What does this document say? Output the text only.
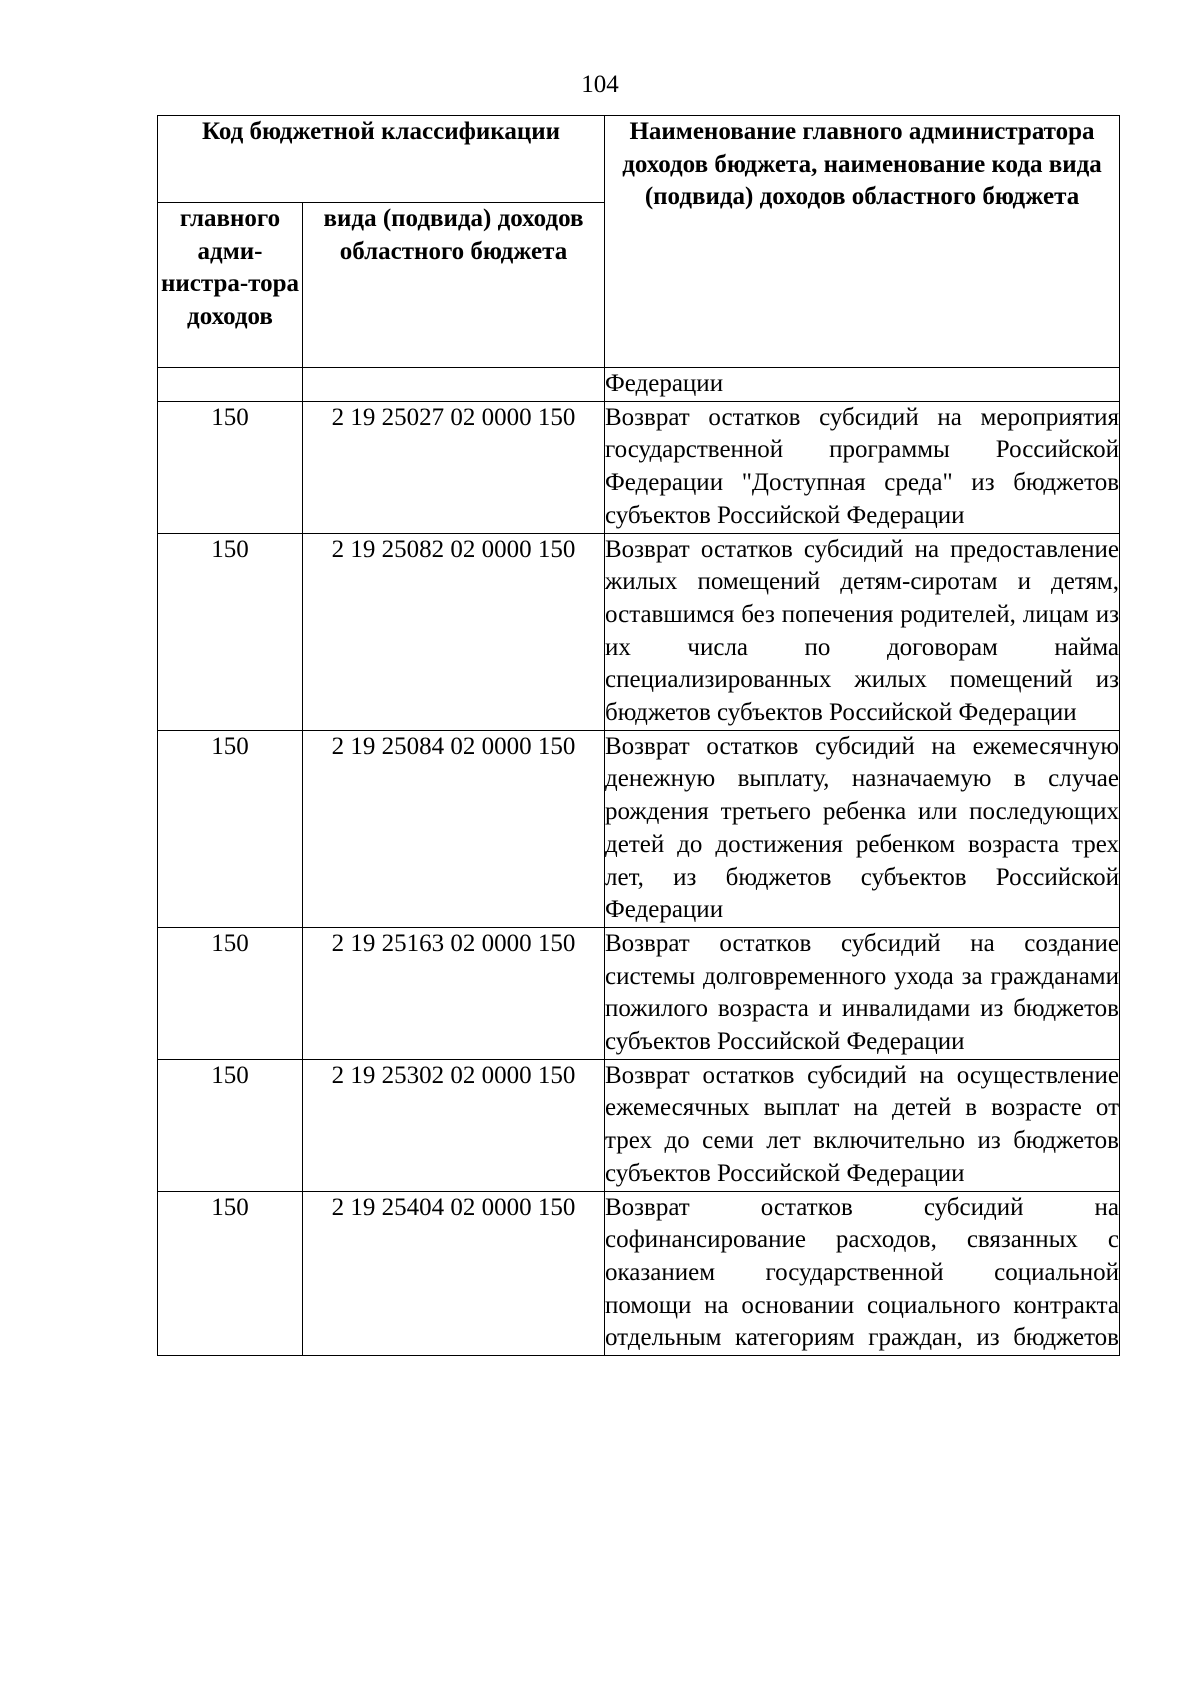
104
Код бюджетной классификации		Наименование главного администратора доходов бюджета, наименование кода вида (подвида) доходов областного бюджета
главного адми-нистра-тора доходов	вида (подвида) доходов областного бюджета	
		Федерации
150	2 19 25027 02 0000 150	Возврат остатков субсидий на мероприятия государственной программы Российской Федерации "Доступная среда" из бюджетов субъектов Российской Федерации
150	2 19 25082 02 0000 150	Возврат остатков субсидий на предоставление жилых помещений детям-сиротам и детям, оставшимся без попечения родителей, лицам из их числа по договорам найма специализированных жилых помещений из бюджетов субъектов Российской Федерации
150	2 19 25084 02 0000 150	Возврат остатков субсидий на ежемесячную денежную выплату, назначаемую в случае рождения третьего ребенка или последующих детей до достижения ребенком возраста трех лет, из бюджетов субъектов Российской Федерации
150	2 19 25163 02 0000 150	Возврат остатков субсидий на создание системы долговременного ухода за гражданами пожилого возраста и инвалидами из бюджетов субъектов Российской Федерации
150	2 19 25302 02 0000 150	Возврат остатков субсидий на осуществление ежемесячных выплат на детей в возрасте от трех до семи лет включительно из бюджетов субъектов Российской Федерации
150	2 19 25404 02 0000 150	Возврат остатков субсидий на софинансирование расходов, связанных с оказанием государственной социальной помощи на основании социального контракта отдельным категориям граждан, из бюджетов
